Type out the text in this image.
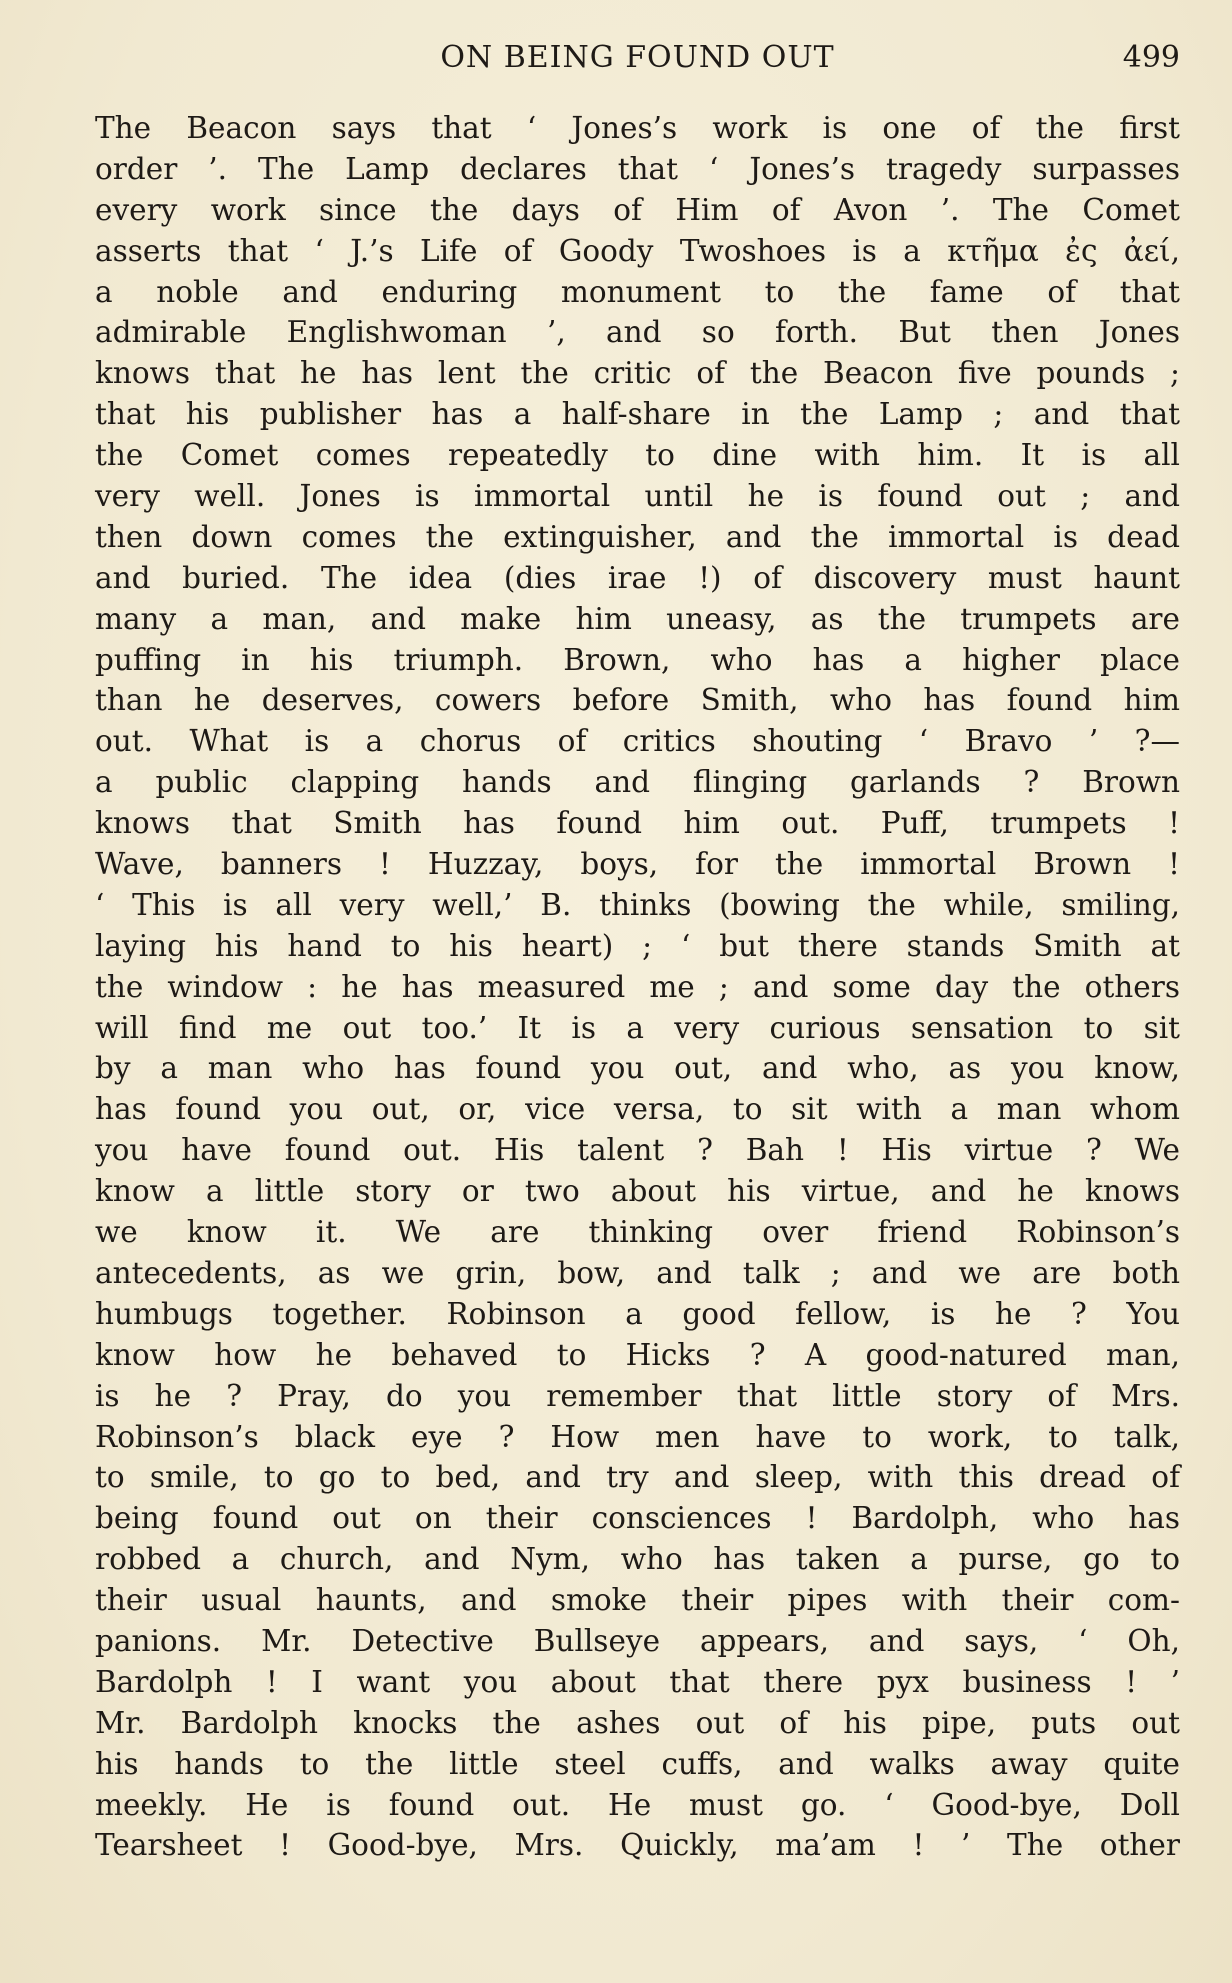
ON BEING FOUND OUT	499
The Beacon says that ‘ Jones’s work is one of the first
order ’. The Lamp declares that ‘ Jones’s tragedy surpasses
every work since the days of Him of Avon ’. The Comet
asserts that ‘ J.’s Life of Goody Twoshoes is a κτῆμα ἐς ἀεί,
a noble and enduring monument to the fame of that
admirable Englishwoman ’, and so forth. But then Jones
knows that he has lent the critic of the Beacon five pounds ;
that his publisher has a half-share in the Lamp ; and that
the Comet comes repeatedly to dine with him. It is all
very well. Jones is immortal until he is found out ; and
then down comes the extinguisher, and the immortal is dead
and buried. The idea (dies irae !) of discovery must haunt
many a man, and make him uneasy, as the trumpets are
puffing in his triumph. Brown, who has a higher place
than he deserves, cowers before Smith, who has found him
out. What is a chorus of critics shouting ‘ Bravo ’ ?—
a public clapping hands and flinging garlands ? Brown
knows that Smith has found him out. Puff, trumpets !
Wave, banners ! Huzzay, boys, for the immortal Brown !
‘ This is all very well,’ B. thinks (bowing the while, smiling,
laying his hand to his heart) ; ‘ but there stands Smith at
the window : he has measured me ; and some day the others
will find me out too.’ It is a very curious sensation to sit
by a man who has found you out, and who, as you know,
has found you out, or, vice versa, to sit with a man whom
you have found out. His talent ? Bah ! His virtue ? We
know a little story or two about his virtue, and he knows
we know it. We are thinking over friend Robinson’s
antecedents, as we grin, bow, and talk ; and we are both
humbugs together. Robinson a good fellow, is he ? You
know how he behaved to Hicks ? A good-natured man,
is he ? Pray, do you remember that little story of Mrs.
Robinson’s black eye ? How men have to work, to talk,
to smile, to go to bed, and try and sleep, with this dread of
being found out on their consciences ! Bardolph, who has
robbed a church, and Nym, who has taken a purse, go to
their usual haunts, and smoke their pipes with their com-
panions. Mr. Detective Bullseye appears, and says, ‘ Oh,
Bardolph ! I want you about that there pyx business ! ’
Mr. Bardolph knocks the ashes out of his pipe, puts out
his hands to the little steel cuffs, and walks away quite
meekly. He is found out. He must go. ‘ Good-bye, Doll
Tearsheet ! Good-bye, Mrs. Quickly, ma’am ! ’ The other
